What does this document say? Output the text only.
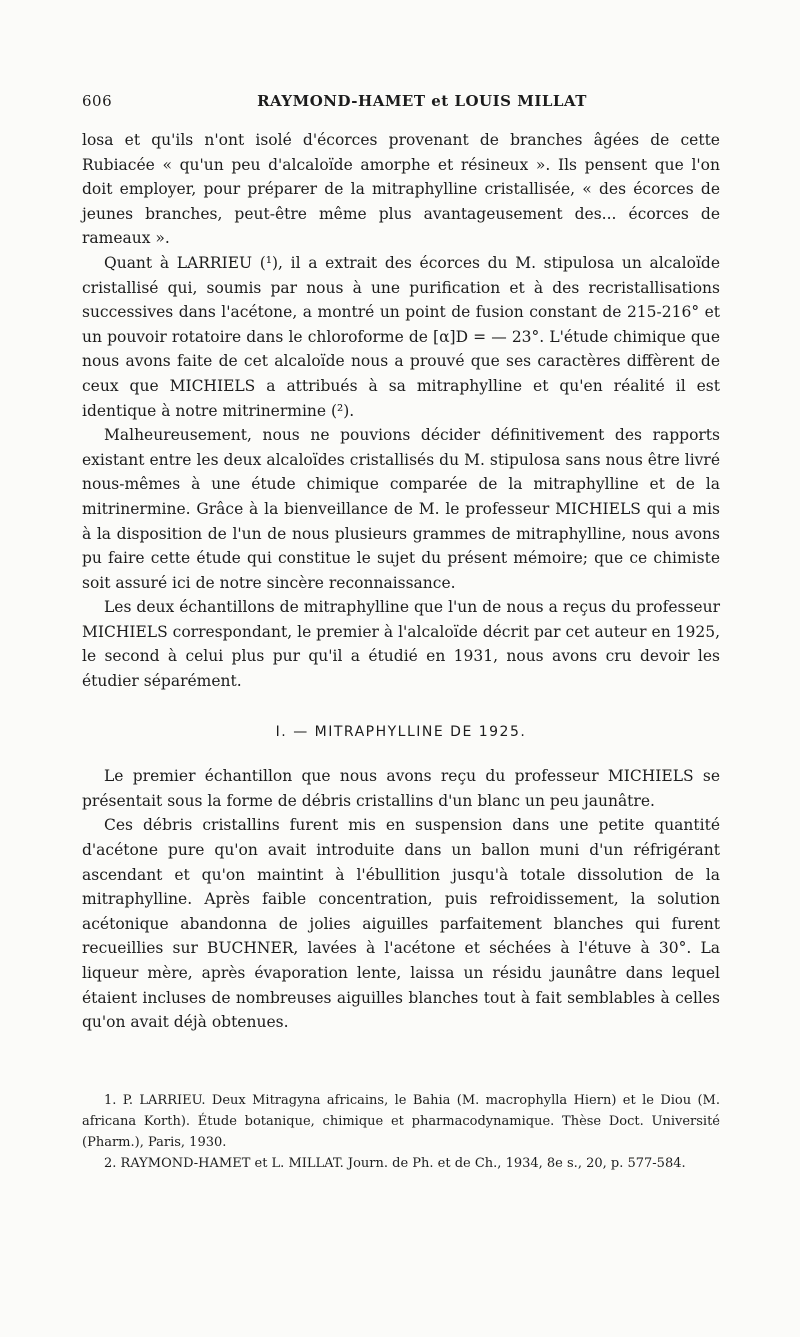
606	RAYMOND-HAMET et LOUIS MILLAT

losa et qu'ils n'ont isolé d'écorces provenant de branches âgées de cette Rubiacée « qu'un peu d'alcaloïde amorphe et résineux ». Ils pensent que l'on doit employer, pour préparer de la mitraphylline cristallisée, « des écorces de jeunes branches, peut-être même plus avantageusement des... écorces de rameaux ».

Quant à LARRIEU (¹), il a extrait des écorces du M. stipulosa un alcaloïde cristallisé qui, soumis par nous à une purification et à des recristallisations successives dans l'acétone, a montré un point de fusion constant de 215-216° et un pouvoir rotatoire dans le chloroforme de [α]D = — 23°. L'étude chimique que nous avons faite de cet alcaloïde nous a prouvé que ses caractères diffèrent de ceux que MICHIELS a attribués à sa mitraphylline et qu'en réalité il est identique à notre mitrinermine (²).

Malheureusement, nous ne pouvions décider définitivement des rapports existant entre les deux alcaloïdes cristallisés du M. stipulosa sans nous être livré nous-mêmes à une étude chimique comparée de la mitraphylline et de la mitrinermine. Grâce à la bienveillance de M. le professeur MICHIELS qui a mis à la disposition de l'un de nous plusieurs grammes de mitraphylline, nous avons pu faire cette étude qui constitue le sujet du présent mémoire; que ce chimiste soit assuré ici de notre sincère reconnaissance.

Les deux échantillons de mitraphylline que l'un de nous a reçus du professeur MICHIELS correspondant, le premier à l'alcaloïde décrit par cet auteur en 1925, le second à celui plus pur qu'il a étudié en 1931, nous avons cru devoir les étudier séparément.

I. — MITRAPHYLLINE DE 1925.

Le premier échantillon que nous avons reçu du professeur MICHIELS se présentait sous la forme de débris cristallins d'un blanc un peu jaunâtre.

Ces débris cristallins furent mis en suspension dans une petite quantité d'acétone pure qu'on avait introduite dans un ballon muni d'un réfrigérant ascendant et qu'on maintint à l'ébullition jusqu'à totale dissolution de la mitraphylline. Après faible concentration, puis refroidissement, la solution acétonique abandonna de jolies aiguilles parfaitement blanches qui furent recueillies sur BUCHNER, lavées à l'acétone et séchées à l'étuve à 30°. La liqueur mère, après évaporation lente, laissa un résidu jaunâtre dans lequel étaient incluses de nombreuses aiguilles blanches tout à fait semblables à celles qu'on avait déjà obtenues.

1. P. LARRIEU. Deux Mitragyna africains, le Bahia (M. macrophylla Hiern) et le Diou (M. africana Korth). Étude botanique, chimique et pharmacodynamique. Thèse Doct. Université (Pharm.), Paris, 1930.

2. RAYMOND-HAMET et L. MILLAT. Journ. de Ph. et de Ch., 1934, 8e s., 20, p. 577-584.
